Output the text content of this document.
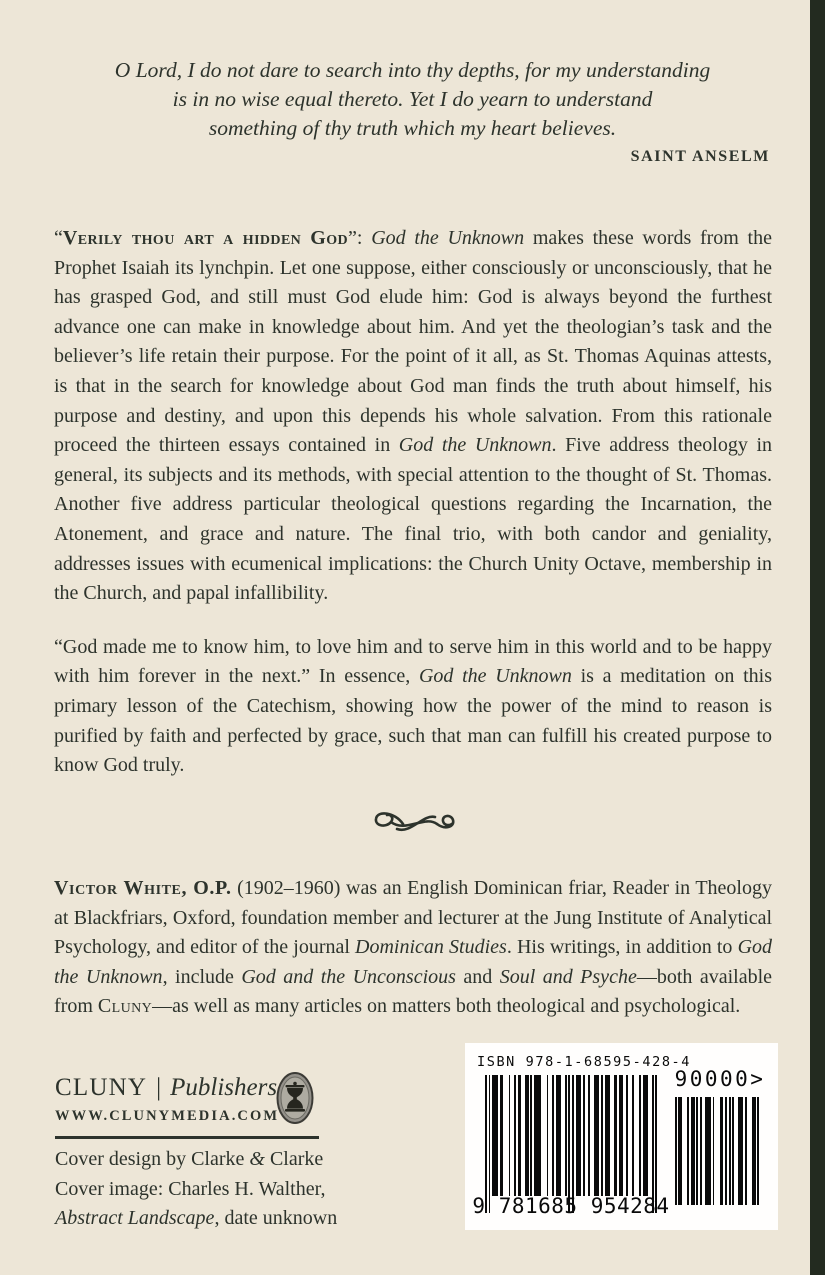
O Lord, I do not dare to search into thy depths, for my understanding
is in no wise equal thereto. Yet I do yearn to understand
something of thy truth which my heart believes.
SAINT ANSELM

“Verily thou art a hidden God”: God the Unknown makes these words from the Prophet Isaiah its lynchpin. Let one suppose, either consciously or unconsciously, that he has grasped God, and still must God elude him: God is always beyond the furthest advance one can make in knowledge about him. And yet the theologian’s task and the believer’s life retain their purpose. For the point of it all, as St. Thomas Aquinas attests, is that in the search for knowledge about God man finds the truth about himself, his purpose and destiny, and upon this depends his whole salvation. From this rationale proceed the thirteen essays contained in God the Unknown. Five address theology in general, its subjects and its methods, with special attention to the thought of St. Thomas. Another five address particular theological questions regarding the Incarnation, the Atonement, and grace and nature. The final trio, with both candor and geniality, addresses issues with ecumenical implications: the Church Unity Octave, membership in the Church, and papal infallibility.

“God made me to know him, to love him and to serve him in this world and to be happy with him forever in the next.” In essence, God the Unknown is a meditation on this primary lesson of the Catechism, showing how the power of the mind to reason is purified by faith and perfected by grace, such that man can fulfill his created purpose to know God truly.

Victor White, O.P. (1902–1960) was an English Dominican friar, Reader in Theology at Blackfriars, Oxford, foundation member and lecturer at the Jung Institute of Analytical Psychology, and editor of the journal Dominican Studies. His writings, in addition to God the Unknown, include God and the Unconscious and Soul and Psyche—both available from Cluny—as well as many articles on matters both theological and psychological.
CLUNY | Publishers
WWW.CLUNYMEDIA.COM
Cover design by Clarke & Clarke
Cover image: Charles H. Walther,
Abstract Landscape, date unknown
ISBN 978-1-68595-428-4
9 781685 954284
90000>
